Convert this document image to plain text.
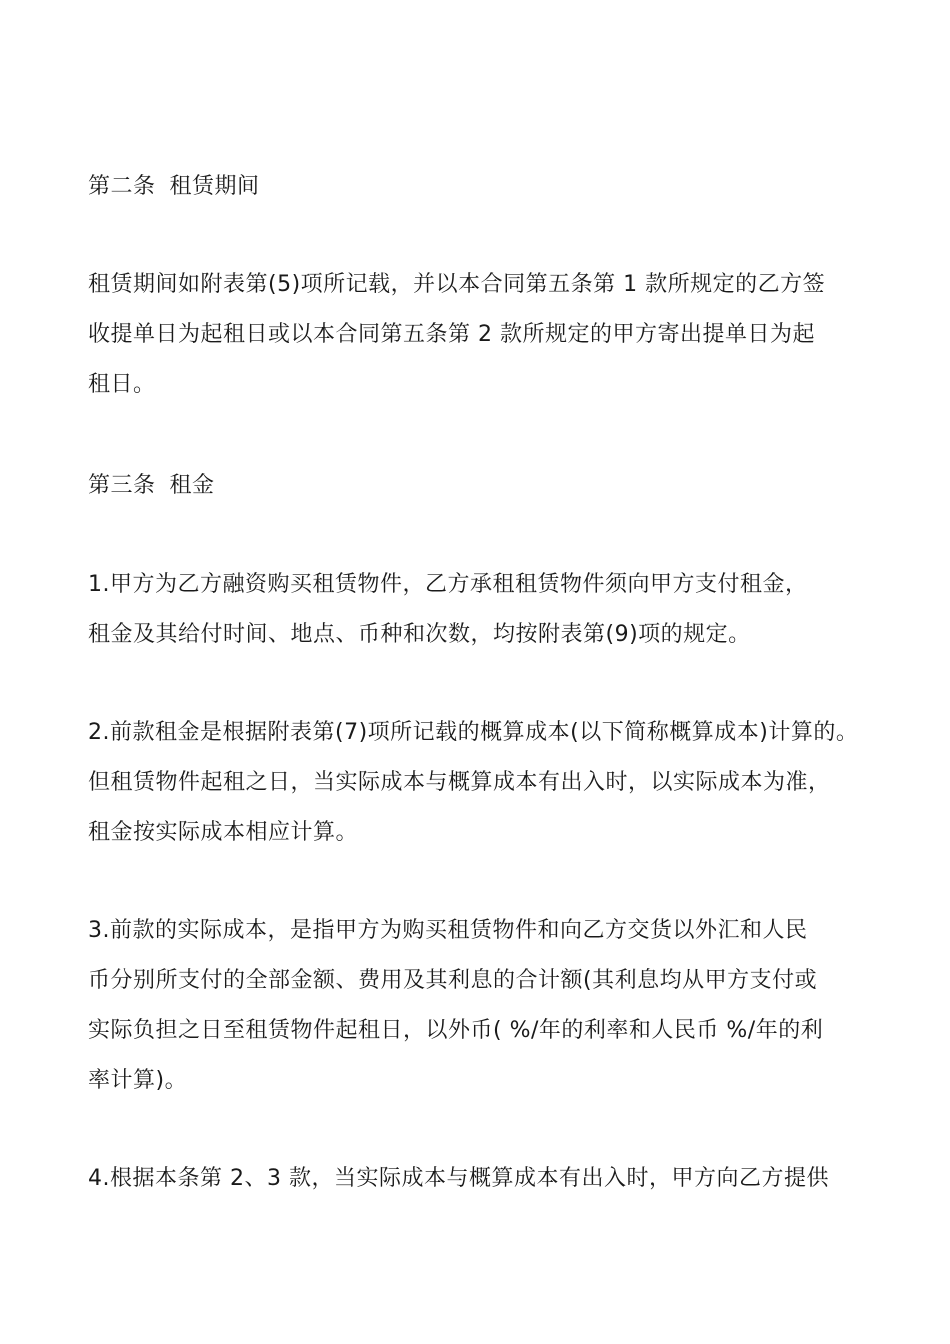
第二条 租赁期间
租赁期间如附表第(5)项所记载，并以本合同第五条第 1 款所规定的乙方签
收提单日为起租日或以本合同第五条第 2 款所规定的甲方寄出提单日为起
租日。
第三条 租金
1.甲方为乙方融资购买租赁物件，乙方承租租赁物件须向甲方支付租金，
租金及其给付时间、地点、币种和次数，均按附表第(9)项的规定。
2.前款租金是根据附表第(7)项所记载的概算成本(以下简称概算成本)计算的。
但租赁物件起租之日，当实际成本与概算成本有出入时，以实际成本为准，
租金按实际成本相应计算。
3.前款的实际成本，是指甲方为购买租赁物件和向乙方交货以外汇和人民
币分别所支付的全部金额、费用及其利息的合计额(其利息均从甲方支付或
实际负担之日至租赁物件起租日，以外币( %/年的利率和人民币 %/年的利
率计算)。
4.根据本条第 2、3 款，当实际成本与概算成本有出入时，甲方向乙方提供
